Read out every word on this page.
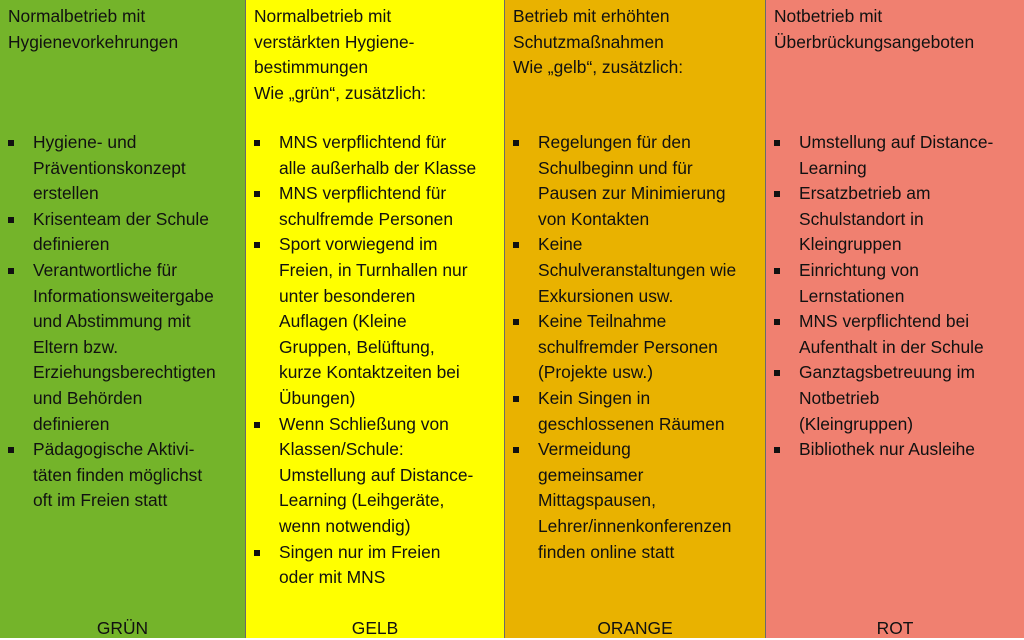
Normalbetrieb mit
Hygienevorkehrungen
Hygiene- und
Präventionskonzept
erstellen
Krisenteam der Schule
definieren
Verantwortliche für
Informationsweitergabe
und Abstimmung mit
Eltern bzw.
Erziehungsberechtigten
und Behörden
definieren
Pädagogische Aktivi-
täten finden möglichst
oft im Freien statt
GRÜN
Normalbetrieb mit
verstärkten Hygiene-
bestimmungen
Wie „grün“, zusätzlich:
MNS verpflichtend für
alle außerhalb der Klasse
MNS verpflichtend für
schulfremde Personen
Sport vorwiegend im
Freien, in Turnhallen nur
unter besonderen
Auflagen (Kleine
Gruppen, Belüftung,
kurze Kontaktzeiten bei
Übungen)
Wenn Schließung von
Klassen/Schule:
Umstellung auf Distance-
Learning (Leihgeräte,
wenn notwendig)
Singen nur im Freien
oder mit MNS
GELB
Betrieb mit erhöhten
Schutzmaßnahmen
Wie „gelb“, zusätzlich:
Regelungen für den
Schulbeginn und für
Pausen zur Minimierung
von Kontakten
Keine
Schulveranstaltungen wie
Exkursionen usw.
Keine Teilnahme
schulfremder Personen
(Projekte usw.)
Kein Singen in
geschlossenen Räumen
Vermeidung
gemeinsamer
Mittagspausen,
Lehrer/innenkonferenzen
finden online statt
ORANGE
Notbetrieb mit
Überbrückungsangeboten
Umstellung auf Distance-
Learning
Ersatzbetrieb am
Schulstandort in
Kleingruppen
Einrichtung von
Lernstationen
MNS verpflichtend bei
Aufenthalt in der Schule
Ganztagsbetreuung im
Notbetrieb
(Kleingruppen)
Bibliothek nur Ausleihe
ROT
